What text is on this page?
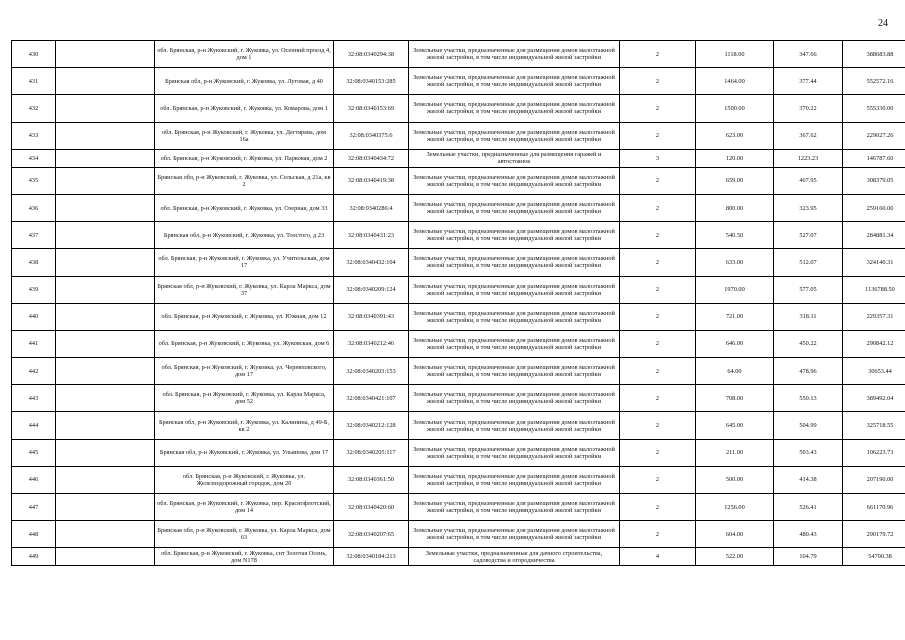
24
430		обл. Брянская, р-н Жуковский, г. Жуковка, ул. Осенний проезд 4, дом 1	32:08:0340294:38	Земельные участки, предназначенные для размещения домов малоэтажной жилой застройки, в том числе индивидуальной жилой застройки	2	1118.00	347.66	388683.88
431		Брянская обл, р-н Жуковский, г. Жуковка, ул. Луговая, д 40	32:08:0340153:285	Земельные участки, предназначенные для размещения домов малоэтажной жилой застройки, в том числе индивидуальной жилой застройки	2	1464.00	377.44	552572.16
432		обл. Брянская, р-н Жуковский, г. Жуковка, ул. Комарова, дом 1	32:08:0340153:69	Земельные участки, предназначенные для размещения домов малоэтажной жилой застройки, в том числе индивидуальной жилой застройки	2	1500.00	370.22	555330.00
433		обл. Брянская, р-н Жуковский, г. Жуковка, ул. Дегтярева, дом 16а	32:08:0340375:6	Земельные участки, предназначенные для размещения домов малоэтажной жилой застройки, в том числе индивидуальной жилой застройки	2	623.00	367.62	229027.26
434		обл. Брянская, р-н Жуковский, г. Жуковка, ул. Парковая, дом 2	32:08:0340434:72	Земельные участки, предназначенные для размещения гаражей и автостоянок	3	120.00	1223.23	146787.60
435		Брянская обл, р-н Жуковский, г. Жуковка, ул. Сельская, д 21а, кв 2	32:08:0340419:38	Земельные участки, предназначенные для размещения домов малоэтажной жилой застройки, в том числе индивидуальной жилой застройки	2	659.00	467.95	308379.05
436		обл. Брянская, р-н Жуковский, г. Жуковка, ул. Озерная, дом 33	32:08:0340286:4	Земельные участки, предназначенные для размещения домов малоэтажной жилой застройки, в том числе индивидуальной жилой застройки	2	800.00	323.95	259160.00
437		Брянская обл, р-н Жуковский, г. Жуковка, ул. Толстого, д 23	32:08:0340431:23	Земельные участки, предназначенные для размещения домов малоэтажной жилой застройки, в том числе индивидуальной жилой застройки	2	540.50	527.07	284881.34
438		обл. Брянская, р-н Жуковский, г. Жуковка, ул. Учительская, дом 17	32:08:0340432:104	Земельные участки, предназначенные для размещения домов малоэтажной жилой застройки, в том числе индивидуальной жилой застройки	2	633.00	512.07	324140.31
439		Брянская обл, р-н Жуковский, г. Жуковка, ул. Карла Маркса, дом 37	32:08:0340209:124	Земельные участки, предназначенные для размещения домов малоэтажной жилой застройки, в том числе индивидуальной жилой застройки	2	1970.00	577.05	1136788.50
440		обл. Брянская, р-н Жуковский, г. Жуковка, ул. Южная, дом 12	32:08:0340391:43	Земельные участки, предназначенные для размещения домов малоэтажной жилой застройки, в том числе индивидуальной жилой застройки	2	721.00	318.11	229357.31
441		обл. Брянская, р-н Жуковский, г. Жуковка, ул. Жуковская, дом 6	32:08:0340212:46	Земельные участки, предназначенные для размещения домов малоэтажной жилой застройки, в том числе индивидуальной жилой застройки	2	646.00	450.22	290842.12
442		обл. Брянская, р-н Жуковский, г. Жуковка, ул. Черняховского, дом 17	32:08:0340203:153	Земельные участки, предназначенные для размещения домов малоэтажной жилой застройки, в том числе индивидуальной жилой застройки	2	64.00	478.96	30653.44
443		обл. Брянская, р-н Жуковский, г. Жуковка, ул. Карла Маркса, дом 52	32:08:0340421:107	Земельные участки, предназначенные для размещения домов малоэтажной жилой застройки, в том числе индивидуальной жилой застройки	2	708.00	550.13	389492.04
444		Брянская обл, р-н Жуковский, г. Жуковка, ул. Калинина, д 49-Б, кв 2	32:08:0340212:128	Земельные участки, предназначенные для размещения домов малоэтажной жилой застройки, в том числе индивидуальной жилой застройки	2	645.00	504.99	325718.55
445		Брянская обл, р-н Жуковский, г. Жуковка, ул. Ульянова, дом 17	32:08:0340205:117	Земельные участки, предназначенные для размещения домов малоэтажной жилой застройки, в том числе индивидуальной жилой застройки	2	211.00	503.43	106223.73
446		обл. Брянская, р-н Жуковский, г. Жуковка, ул. Железнодорожный городок, дом 20	32:08:0340361:50	Земельные участки, предназначенные для размещения домов малоэтажной жилой застройки, в том числе индивидуальной жилой застройки	2	500.00	414.38	207190.00
447		обл. Брянская, р-н Жуковский, г. Жуковка, пер. Краснофлотский, дом 14	32:08:0340420:60	Земельные участки, предназначенные для размещения домов малоэтажной жилой застройки, в том числе индивидуальной жилой застройки	2	1256.00	526.41	661170.96
448		Брянская обл, р-н Жуковский, г. Жуковка, ул. Карла Маркса, дом 63	32:08:0340207:65	Земельные участки, предназначенные для размещения домов малоэтажной жилой застройки, в том числе индивидуальной жилой застройки	2	604.00	480.43	290179.72
449		обл. Брянская, р-н Жуковский, г. Жуковка, снт Золотая Осень, дом N178	32:08:0340184:213	Земельные участки, предназначенные для дачного строительства, садоводства и огородничества	4	522.00	104.79	54700.38
